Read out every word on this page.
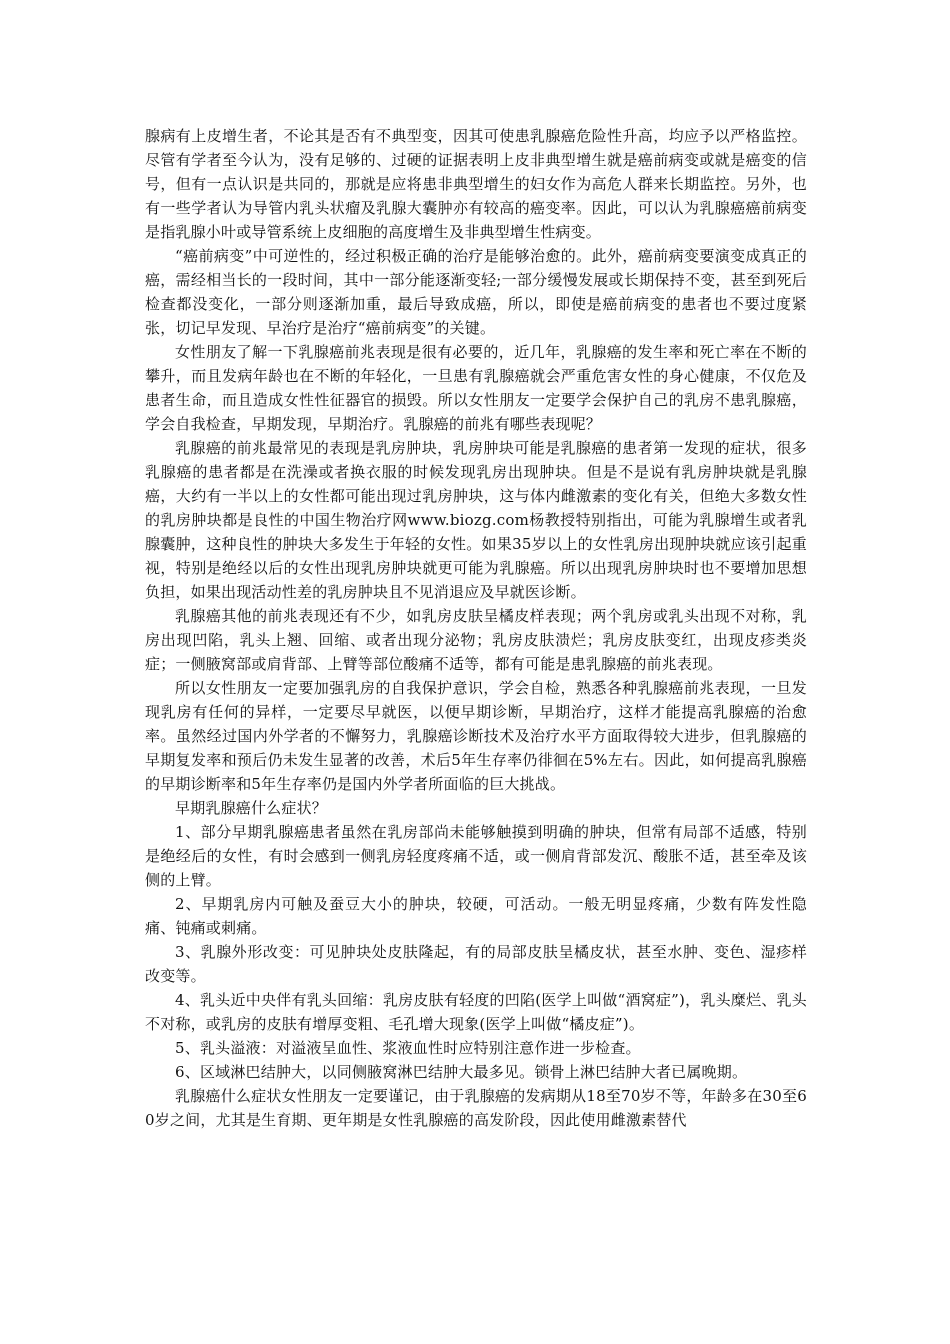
腺病有上皮增生者，不论其是否有不典型变，因其可使患乳腺癌危险性升高，均应予以严格监控。尽管有学者至今认为，没有足够的、过硬的证据表明上皮非典型增生就是癌前病变或就是癌变的信号，但有一点认识是共同的，那就是应将患非典型增生的妇女作为高危人群来长期监控。另外，也有一些学者认为导管内乳头状瘤及乳腺大囊肿亦有较高的癌变率。因此，可以认为乳腺癌癌前病变是指乳腺小叶或导管系统上皮细胞的高度增生及非典型增生性病变。

“癌前病变”中可逆性的，经过积极正确的治疗是能够治愈的。此外，癌前病变要演变成真正的癌，需经相当长的一段时间，其中一部分能逐渐变轻;一部分缓慢发展或长期保持不变，甚至到死后检查都没变化，一部分则逐渐加重，最后导致成癌，所以，即使是癌前病变的患者也不要过度紧张，切记早发现、早治疗是治疗“癌前病变”的关键。

女性朋友了解一下乳腺癌前兆表现是很有必要的，近几年，乳腺癌的发生率和死亡率在不断的攀升，而且发病年龄也在不断的年轻化，一旦患有乳腺癌就会严重危害女性的身心健康，不仅危及患者生命，而且造成女性性征器官的损毁。所以女性朋友一定要学会保护自己的乳房不患乳腺癌，学会自我检查，早期发现，早期治疗。乳腺癌的前兆有哪些表现呢？

乳腺癌的前兆最常见的表现是乳房肿块，乳房肿块可能是乳腺癌的患者第一发现的症状，很多乳腺癌的患者都是在洗澡或者换衣服的时候发现乳房出现肿块。但是不是说有乳房肿块就是乳腺癌，大约有一半以上的女性都可能出现过乳房肿块，这与体内雌激素的变化有关，但绝大多数女性的乳房肿块都是良性的中国生物治疗网www.biozg.com杨教授特别指出，可能为乳腺增生或者乳腺囊肿，这种良性的肿块大多发生于年轻的女性。如果35岁以上的女性乳房出现肿块就应该引起重视，特别是绝经以后的女性出现乳房肿块就更可能为乳腺癌。所以出现乳房肿块时也不要增加思想负担，如果出现活动性差的乳房肿块且不见消退应及早就医诊断。

乳腺癌其他的前兆表现还有不少，如乳房皮肤呈橘皮样表现；两个乳房或乳头出现不对称，乳房出现凹陷，乳头上翘、回缩、或者出现分泌物；乳房皮肤溃烂；乳房皮肤变红，出现皮疹类炎症；一侧腋窝部或肩背部、上臂等部位酸痛不适等，都有可能是患乳腺癌的前兆表现。

所以女性朋友一定要加强乳房的自我保护意识，学会自检，熟悉各种乳腺癌前兆表现，一旦发现乳房有任何的异样，一定要尽早就医，以便早期诊断，早期治疗，这样才能提高乳腺癌的治愈率。虽然经过国内外学者的不懈努力，乳腺癌诊断技术及治疗水平方面取得较大进步，但乳腺癌的早期复发率和预后仍未发生显著的改善，术后5年生存率仍徘徊在5%左右。因此，如何提高乳腺癌的早期诊断率和5年生存率仍是国内外学者所面临的巨大挑战。

早期乳腺癌什么症状？

1、部分早期乳腺癌患者虽然在乳房部尚未能够触摸到明确的肿块，但常有局部不适感，特别是绝经后的女性，有时会感到一侧乳房轻度疼痛不适，或一侧肩背部发沉、酸胀不适，甚至牵及该侧的上臂。

2、早期乳房内可触及蚕豆大小的肿块，较硬，可活动。一般无明显疼痛，少数有阵发性隐痛、钝痛或刺痛。

3、乳腺外形改变：可见肿块处皮肤隆起，有的局部皮肤呈橘皮状，甚至水肿、变色、湿疹样改变等。

4、乳头近中央伴有乳头回缩：乳房皮肤有轻度的凹陷(医学上叫做“酒窝症”)，乳头糜烂、乳头不对称，或乳房的皮肤有增厚变粗、毛孔增大现象(医学上叫做“橘皮症”)。

5、乳头溢液：对溢液呈血性、浆液血性时应特别注意作进一步检查。

6、区域淋巴结肿大，以同侧腋窝淋巴结肿大最多见。锁骨上淋巴结肿大者已属晚期。

乳腺癌什么症状女性朋友一定要谨记，由于乳腺癌的发病期从18至70岁不等，年龄多在30至60岁之间，尤其是生育期、更年期是女性乳腺癌的高发阶段，因此使用雌激素替代
